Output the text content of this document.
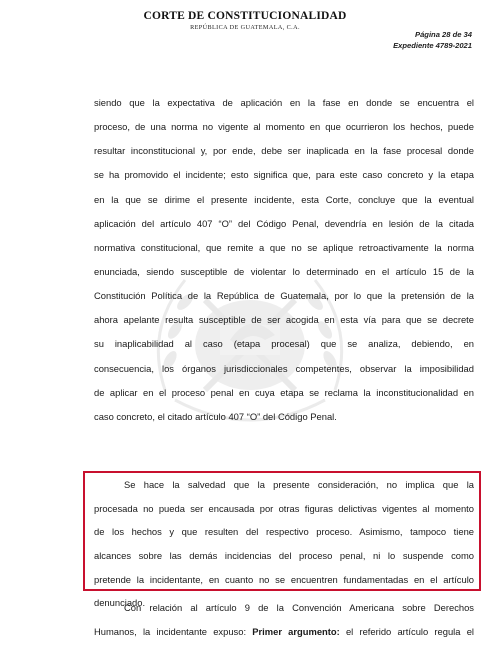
CORTE DE CONSTITUCIONALIDAD
REPÚBLICA DE GUATEMALA, C.A.
Página 28 de 34
Expediente 4789-2021
siendo que la expectativa de aplicación en la fase en donde se encuentra el
proceso, de una norma no vigente al momento en que ocurrieron los hechos, puede
resultar inconstitucional y, por ende, debe ser inaplicada en la fase procesal donde
se ha promovido el incidente; esto significa que, para este caso concreto y la etapa
en la que se dirime el presente incidente, esta Corte, concluye que la eventual
aplicación del artículo 407 “O” del Código Penal, devendría en lesión de la citada
normativa constitucional, que remite a que no se aplique retroactivamente la norma
enunciada, siendo susceptible de violentar lo determinado en el artículo 15 de la
Constitución Política de la República de Guatemala, por lo que la pretensión de la
ahora apelante resulta susceptible de ser acogida en esta vía para que se decrete
su inaplicabilidad al caso (etapa procesal) que se analiza, debiendo, en
consecuencia, los órganos jurisdiccionales competentes, observar la imposibilidad
de aplicar en el proceso penal en cuya etapa se reclama la inconstitucionalidad en
caso concreto, el citado artículo 407 “O” del Código Penal.
Se hace la salvedad que la presente consideración, no implica que la
procesada no pueda ser encausada por otras figuras delictivas vigentes al momento
de los hechos y que resulten del respectivo proceso. Asimismo, tampoco tiene
alcances sobre las demás incidencias del proceso penal, ni lo suspende como
pretende la incidentante, en cuanto no se encuentren fundamentadas en el artículo
denunciado.
Con relación al artículo 9 de la Convención Americana sobre Derechos
Humanos, la incidentante expuso: Primer argumento: el referido artículo regula el
